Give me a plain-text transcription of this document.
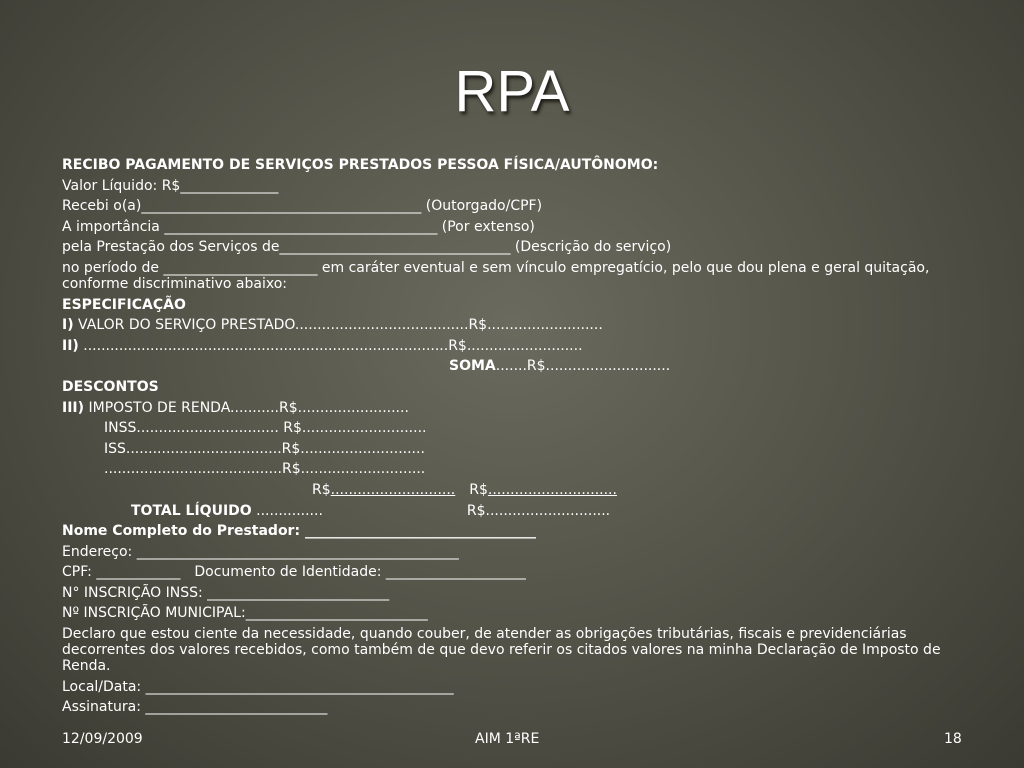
RPA
RECIBO PAGAMENTO DE SERVIÇOS PRESTADOS PESSOA FÍSICA/AUTÔNOMO:
Valor Líquido: R$______________
Recebi o(a)________________________________________ (Outorgado/CPF)
A importância _______________________________________ (Por extenso)
pela Prestação dos Serviços de_________________________________ (Descrição do serviço)
no período de ______________________ em caráter eventual e sem vínculo empregatício, pelo que dou plena e geral quitação, conforme discriminativo abaixo:
ESPECIFICAÇÃO
I) VALOR DO SERVIÇO PRESTADO.......................................R$..........................
II) ..................................................................................R$..........................
SOMA.......R$............................
DESCONTOS
III) IMPOSTO DE RENDA...........R$.........................
INSS................................ R$............................
ISS...................................R$............................
........................................R$............................
R$............................ R$.............................
TOTAL LÍQUIDO ...............	R$............................
Nome Completo do Prestador: _________________________________
Endereço: ______________________________________________
CPF: ____________ Documento de Identidade: ____________________
N° INSCRIÇÃO INSS: __________________________
Nº INSCRIÇÃO MUNICIPAL:__________________________
Declaro que estou ciente da necessidade, quando couber, de atender as obrigações tributárias, fiscais e previdenciárias decorrentes dos valores recebidos, como também de que devo referir os citados valores na minha Declaração de Imposto de Renda.
Local/Data: ____________________________________________
Assinatura: __________________________
12/09/2009	AIM 1ªRE	18
